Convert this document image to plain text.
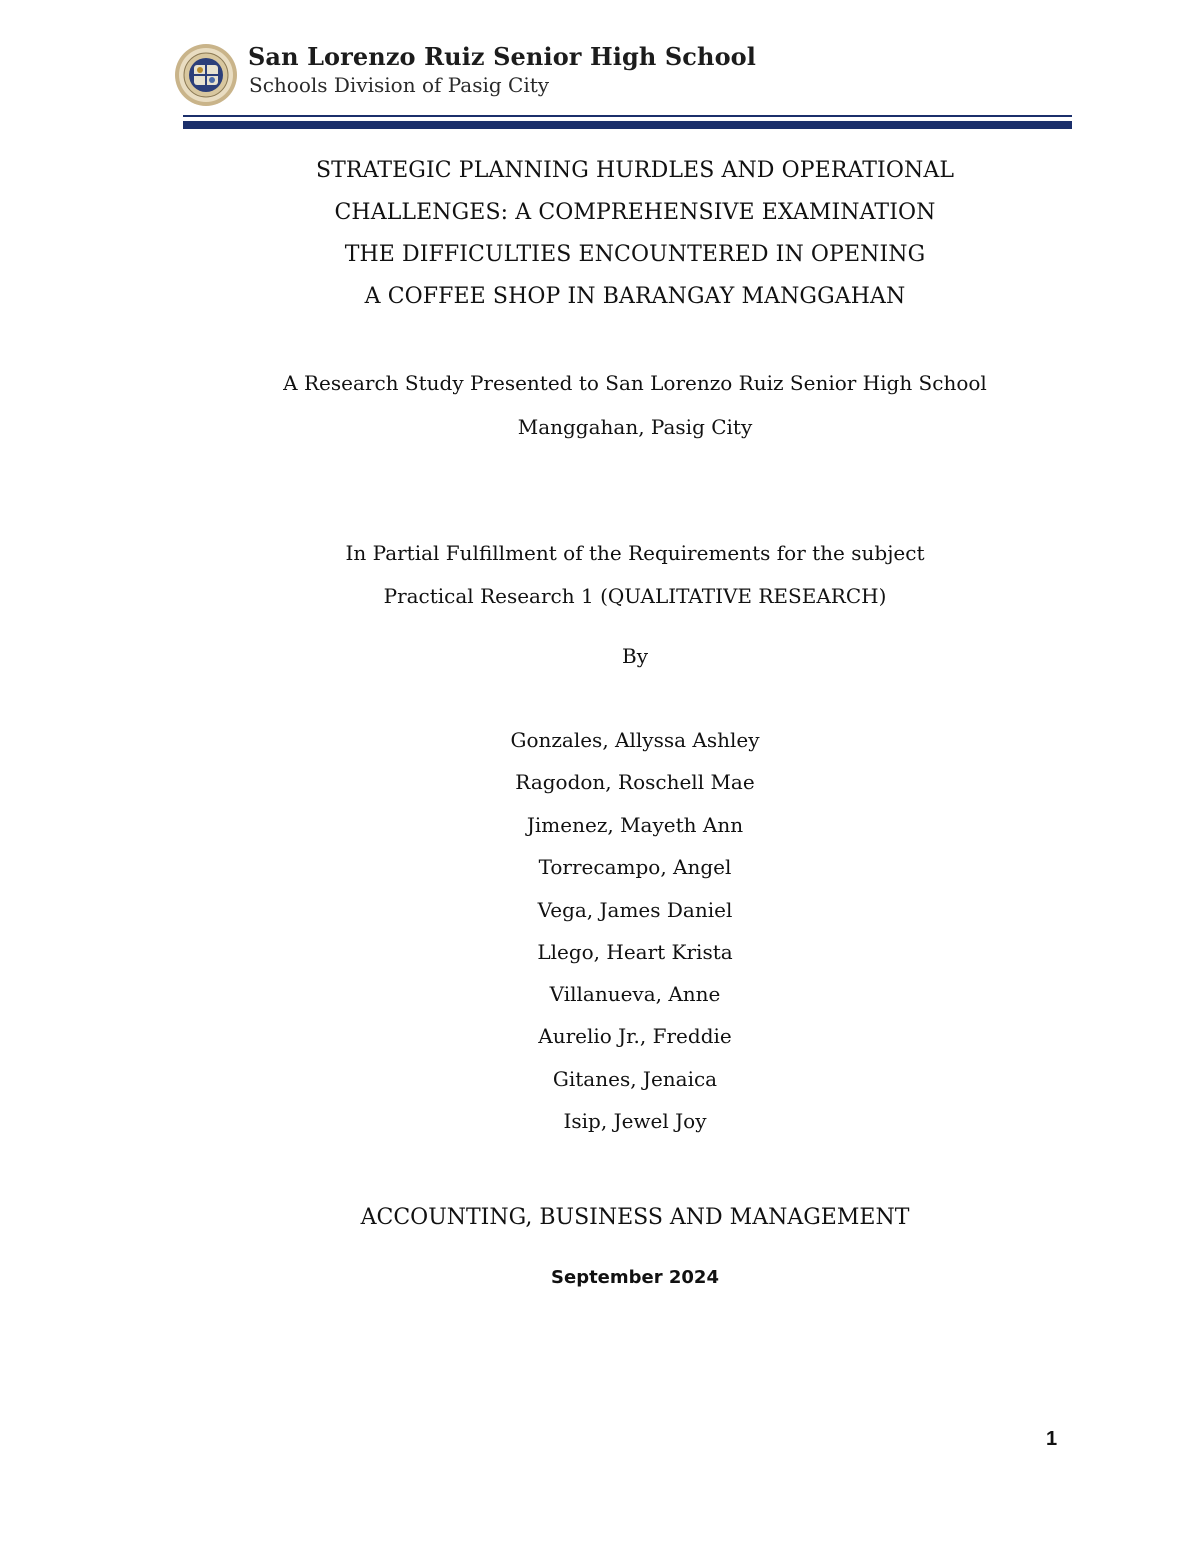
San Lorenzo Ruiz Senior High School
Schools Division of Pasig City
STRATEGIC PLANNING HURDLES AND OPERATIONAL
CHALLENGES: A COMPREHENSIVE EXAMINATION
THE DIFFICULTIES ENCOUNTERED IN OPENING
A COFFEE SHOP IN BARANGAY MANGGAHAN
A Research Study Presented to San Lorenzo Ruiz Senior High School
Manggahan, Pasig City
In Partial Fulfillment of the Requirements for the subject
Practical Research 1 (QUALITATIVE RESEARCH)
By
Gonzales, Allyssa Ashley
Ragodon, Roschell Mae
Jimenez, Mayeth Ann
Torrecampo, Angel
Vega, James Daniel
Llego, Heart Krista
Villanueva, Anne
Aurelio Jr., Freddie
Gitanes, Jenaica
Isip, Jewel Joy
ACCOUNTING, BUSINESS AND MANAGEMENT
September 2024
1
